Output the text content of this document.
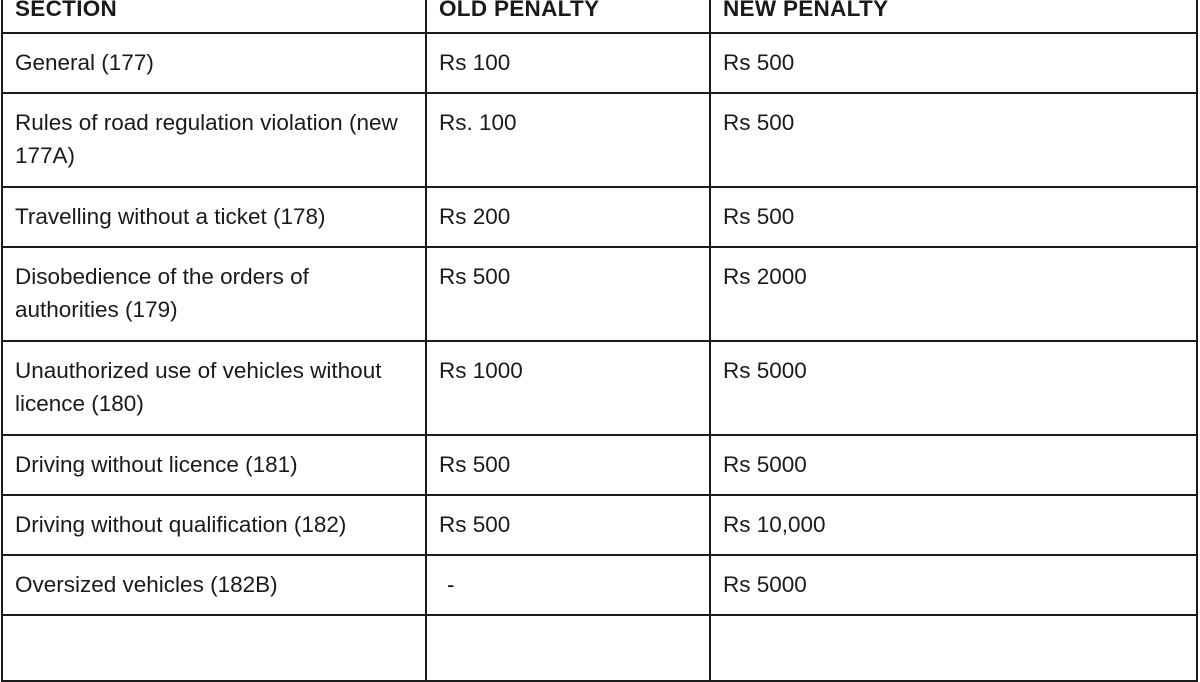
SECTION	OLD PENALTY	NEW PENALTY
General (177)	Rs 100	Rs 500
Rules of road regulation violation (new 177A)	Rs. 100	Rs 500
Travelling without a ticket (178)	Rs 200	Rs 500
Disobedience of the orders of authorities (179)	Rs 500	Rs 2000
Unauthorized use of vehicles without licence (180)	Rs 1000	Rs 5000
Driving without licence (181)	Rs 500	Rs 5000
Driving without qualification (182)	Rs 500	Rs 10,000
Oversized vehicles (182B)	-	Rs 5000
